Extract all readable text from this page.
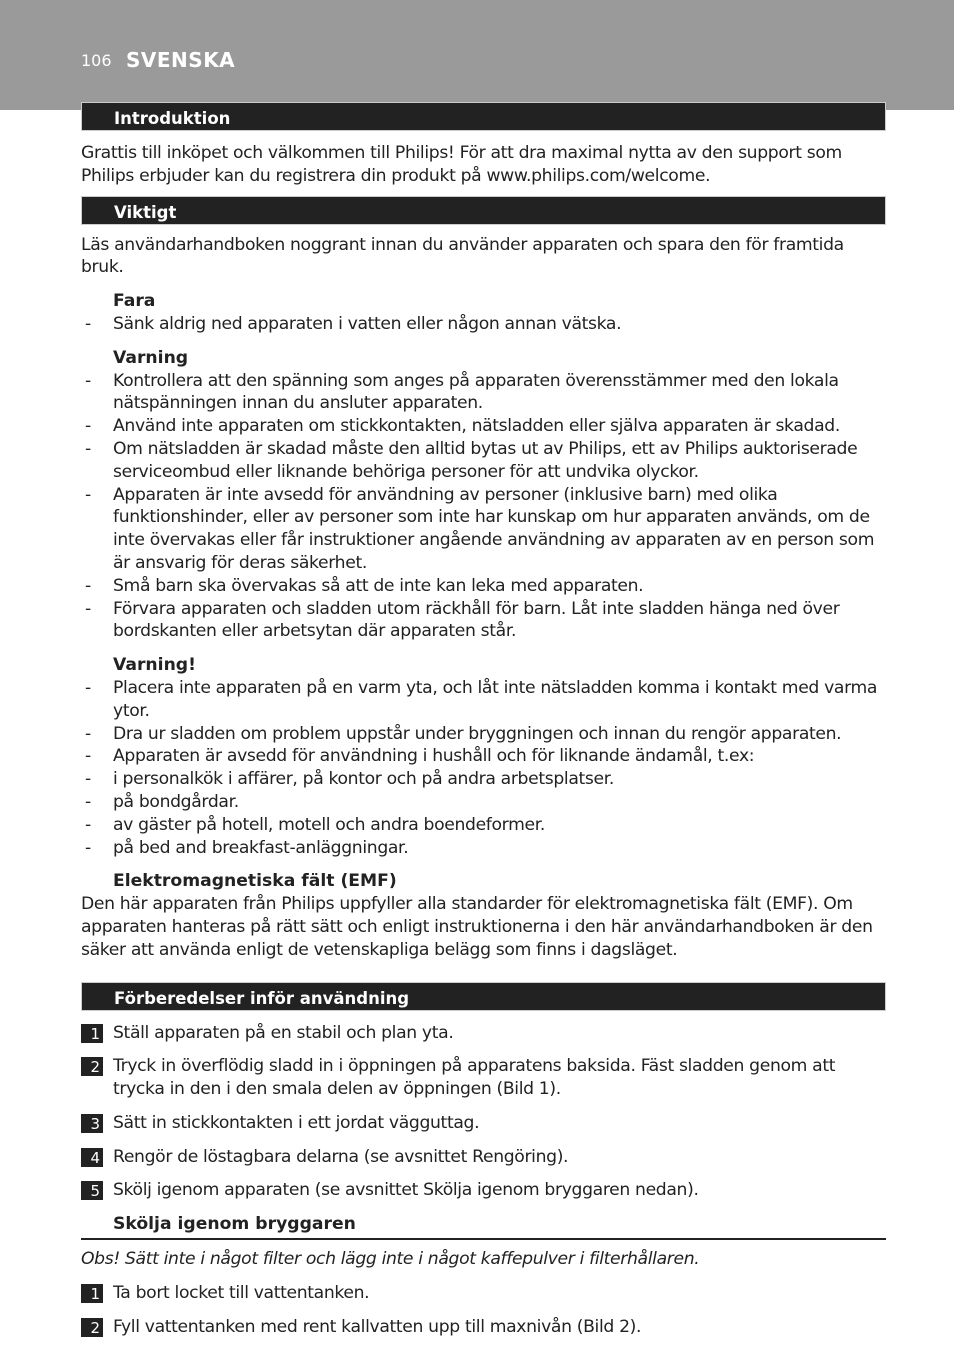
106 SVENSKA
Introduktion

Grattis till inköpet och välkommen till Philips! För att dra maximal nytta av den support som Philips erbjuder kan du registrera din produkt på www.philips.com/welcome.

Viktigt

Läs användarhandboken noggrant innan du använder apparaten och spara den för framtida bruk.

Fara

- Sänk aldrig ned apparaten i vatten eller någon annan vätska.

Varning

- Kontrollera att den spänning som anges på apparaten överensstämmer med den lokala nätspänningen innan du ansluter apparaten.
- Använd inte apparaten om stickkontakten, nätsladden eller själva apparaten är skadad.
- Om nätsladden är skadad måste den alltid bytas ut av Philips, ett av Philips auktoriserade serviceombud eller liknande behöriga personer för att undvika olyckor.
- Apparaten är inte avsedd för användning av personer (inklusive barn) med olika funktionshinder, eller av personer som inte har kunskap om hur apparaten används, om de inte övervakas eller får instruktioner angående användning av apparaten av en person som är ansvarig för deras säkerhet.
- Små barn ska övervakas så att de inte kan leka med apparaten.
- Förvara apparaten och sladden utom räckhåll för barn. Låt inte sladden hänga ned över bordskanten eller arbetsytan där apparaten står.

Varning!

- Placera inte apparaten på en varm yta, och låt inte nätsladden komma i kontakt med varma ytor.
- Dra ur sladden om problem uppstår under bryggningen och innan du rengör apparaten.
- Apparaten är avsedd för användning i hushåll och för liknande ändamål, t.ex:
- i personalkök i affärer, på kontor och på andra arbetsplatser.
- på bondgårdar.
- av gäster på hotell, motell och andra boendeformer.
- på bed and breakfast-anläggningar.

Elektromagnetiska fält (EMF)

Den här apparaten från Philips uppfyller alla standarder för elektromagnetiska fält (EMF). Om apparaten hanteras på rätt sätt och enligt instruktionerna i den här användarhandboken är den säker att använda enligt de vetenskapliga belägg som finns i dagsläget.

Förberedelser inför användning
1 Ställ apparaten på en stabil och plan yta.
2 Tryck in överflödig sladd in i öppningen på apparatens baksida. Fäst sladden genom att trycka in den i den smala delen av öppningen (Bild 1).
3 Sätt in stickkontakten i ett jordat vägguttag.
4 Rengör de löstagbara delarna (se avsnittet Rengöring).
5 Skölj igenom apparaten (se avsnittet Skölja igenom bryggaren nedan).

Skölja igenom bryggaren

Obs! Sätt inte i något filter och lägg inte i något kaffepulver i filterhållaren.

1 Ta bort locket till vattentanken.
2 Fyll vattentanken med rent kallvatten upp till maxnivån (Bild 2).
